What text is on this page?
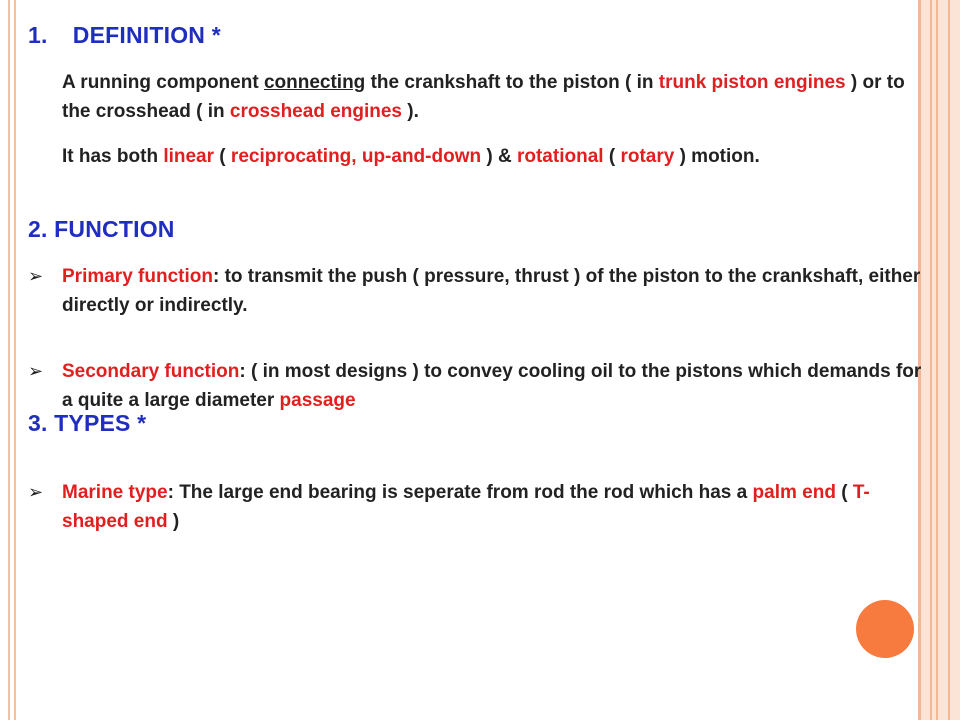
1. DEFINITION *
A running component connecting the crankshaft to the piston ( in trunk piston engines ) or to the crosshead ( in crosshead engines ).
It has both linear ( reciprocating, up-and-down ) & rotational ( rotary ) motion.
2. FUNCTION
➢ Primary function: to transmit the push ( pressure, thrust ) of the piston to the crankshaft, either directly or indirectly.
➢ Secondary function: ( in most designs ) to convey cooling oil to the pistons which demands for a quite a large diameter passage
3. TYPES *
➢ Marine type: The large end bearing is seperate from rod the rod which has a palm end ( T-shaped end )
